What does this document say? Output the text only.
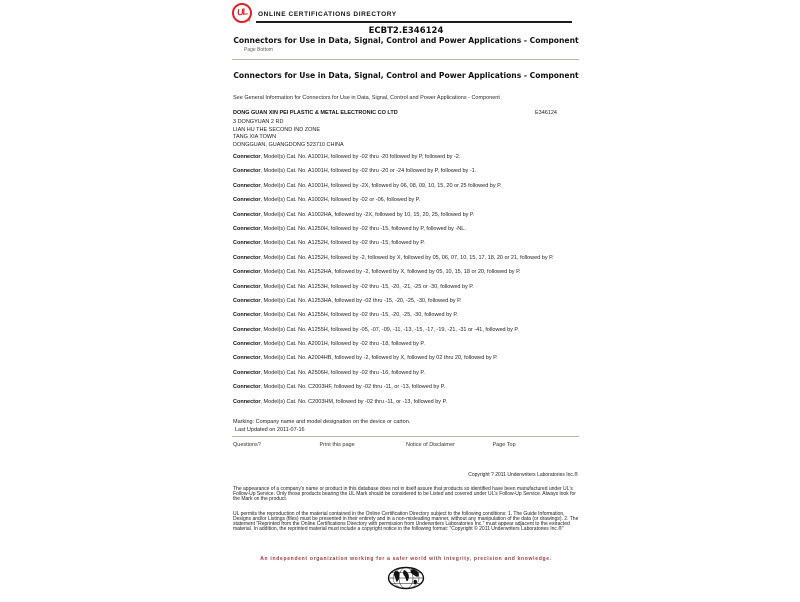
UL
®
ONLINE CERTIFICATIONS DIRECTORY
ECBT2.E346124
Connectors for Use in Data, Signal, Control and Power Applications - Component
Page Bottom
Connectors for Use in Data, Signal, Control and Power Applications - Component
See General Information for Connectors for Use in Data, Signal, Control and Power Applications - Component
DONG GUAN XIN PEI PLASTIC & METAL ELECTRONIC CO LTD	E346124
3 DONGYUAN 2 RD
LIAN HU THE SECOND IND ZONE
TANG XIA TOWN
DONGGUAN, GUANGDONG 523710 CHINA
Connector, Model(s) Cat. No. A1001H, followed by -02 thru -20 followed by P, followed by -2.
Connector, Model(s) Cat. No. A1001H, followed by -02 thru -20 or -24 followed by P, followed by -1.
Connector, Model(s) Cat. No. A1001H, followed by -2X, followed by 06, 08, 09, 10, 15, 20 or 25 followed by P.
Connector, Model(s) Cat. No. A1002H, followed by -02 or -06, followed by P.
Connector, Model(s) Cat. No. A1002HA, followed by -2X, followed by 10, 15, 20, 25, followed by P.
Connector, Model(s) Cat. No. A1250H, followed by -02 thru -15, followed by P, followed by -NL.
Connector, Model(s) Cat. No. A1252H, followed by -02 thru -15, followed by P.
Connector, Model(s) Cat. No. A1252H, followed by -2, followed by X, followed by 05, 06, 07, 10, 15, 17, 18, 20 or 21, followed by P.
Connector, Model(s) Cat. No. A1252HA, followed by -2, followed by X, followed by 05, 10, 15, 18 or 20, followed by P.
Connector, Model(s) Cat. No. A1253H, followed by -02 thru -15, -20, -21, -25 or -30, followed by P.
Connector, Model(s) Cat. No. A1253HA, followed by -02 thru -15, -20, -25, -30, followed by P.
Connector, Model(s) Cat. No. A1255H, followed by -02 thru -15, -20, -25, -30, followed by P.
Connector, Model(s) Cat. No. A1255H, followed by -05, -07, -09, -11, -13, -15, -17, -19, -21, -31 or -41, followed by P.
Connector, Model(s) Cat. No. A2001H, followed by -02 thru -18, followed by P.
Connector, Model(s) Cat. No. A2004HB, followed by -2, followed by X, followed by 02 thru 20, followed by P.
Connector, Model(s) Cat. No. A2506H, followed by -02 thru -16, followed by P.
Connector, Model(s) Cat. No. C2003HF, followed by -02 thru -11, or -13, followed by P.
Connector, Model(s) Cat. No. C2003HM, followed by -02 thru -11, or -13, followed by P.
Marking: Company name and model designation on the device or carton.
Last Updated on 2011-07-16
Questions?	Print this page	Notice of Disclaimer	Page Top
Copyright ? 2011 Underwriters Laboratories Inc.®

The appearance of a company's name or product in this database does not in itself assure that products so identified have been manufactured under UL's Follow-Up Service. Only those products bearing the UL Mark should be considered to be Listed and covered under UL's Follow-Up Service. Always look for the Mark on the product.

UL permits the reproduction of the material contained in the Online Certification Directory subject to the following conditions: 1. The Guide Information, Designs and/or Listings (files) must be presented in their entirety and in a non-misleading manner, without any manipulation of the data (or drawings). 2. The statement "Reprinted from the Online Certifications Directory with permission from Underwriters Laboratories Inc." must appear adjacent to the extracted material. In addition, the reprinted material must include a copyright notice in the following format: "Copyright © 2011 Underwriters Laboratories Inc.®"

An independent organization working for a safer world with integrity, precision and knowledge.
